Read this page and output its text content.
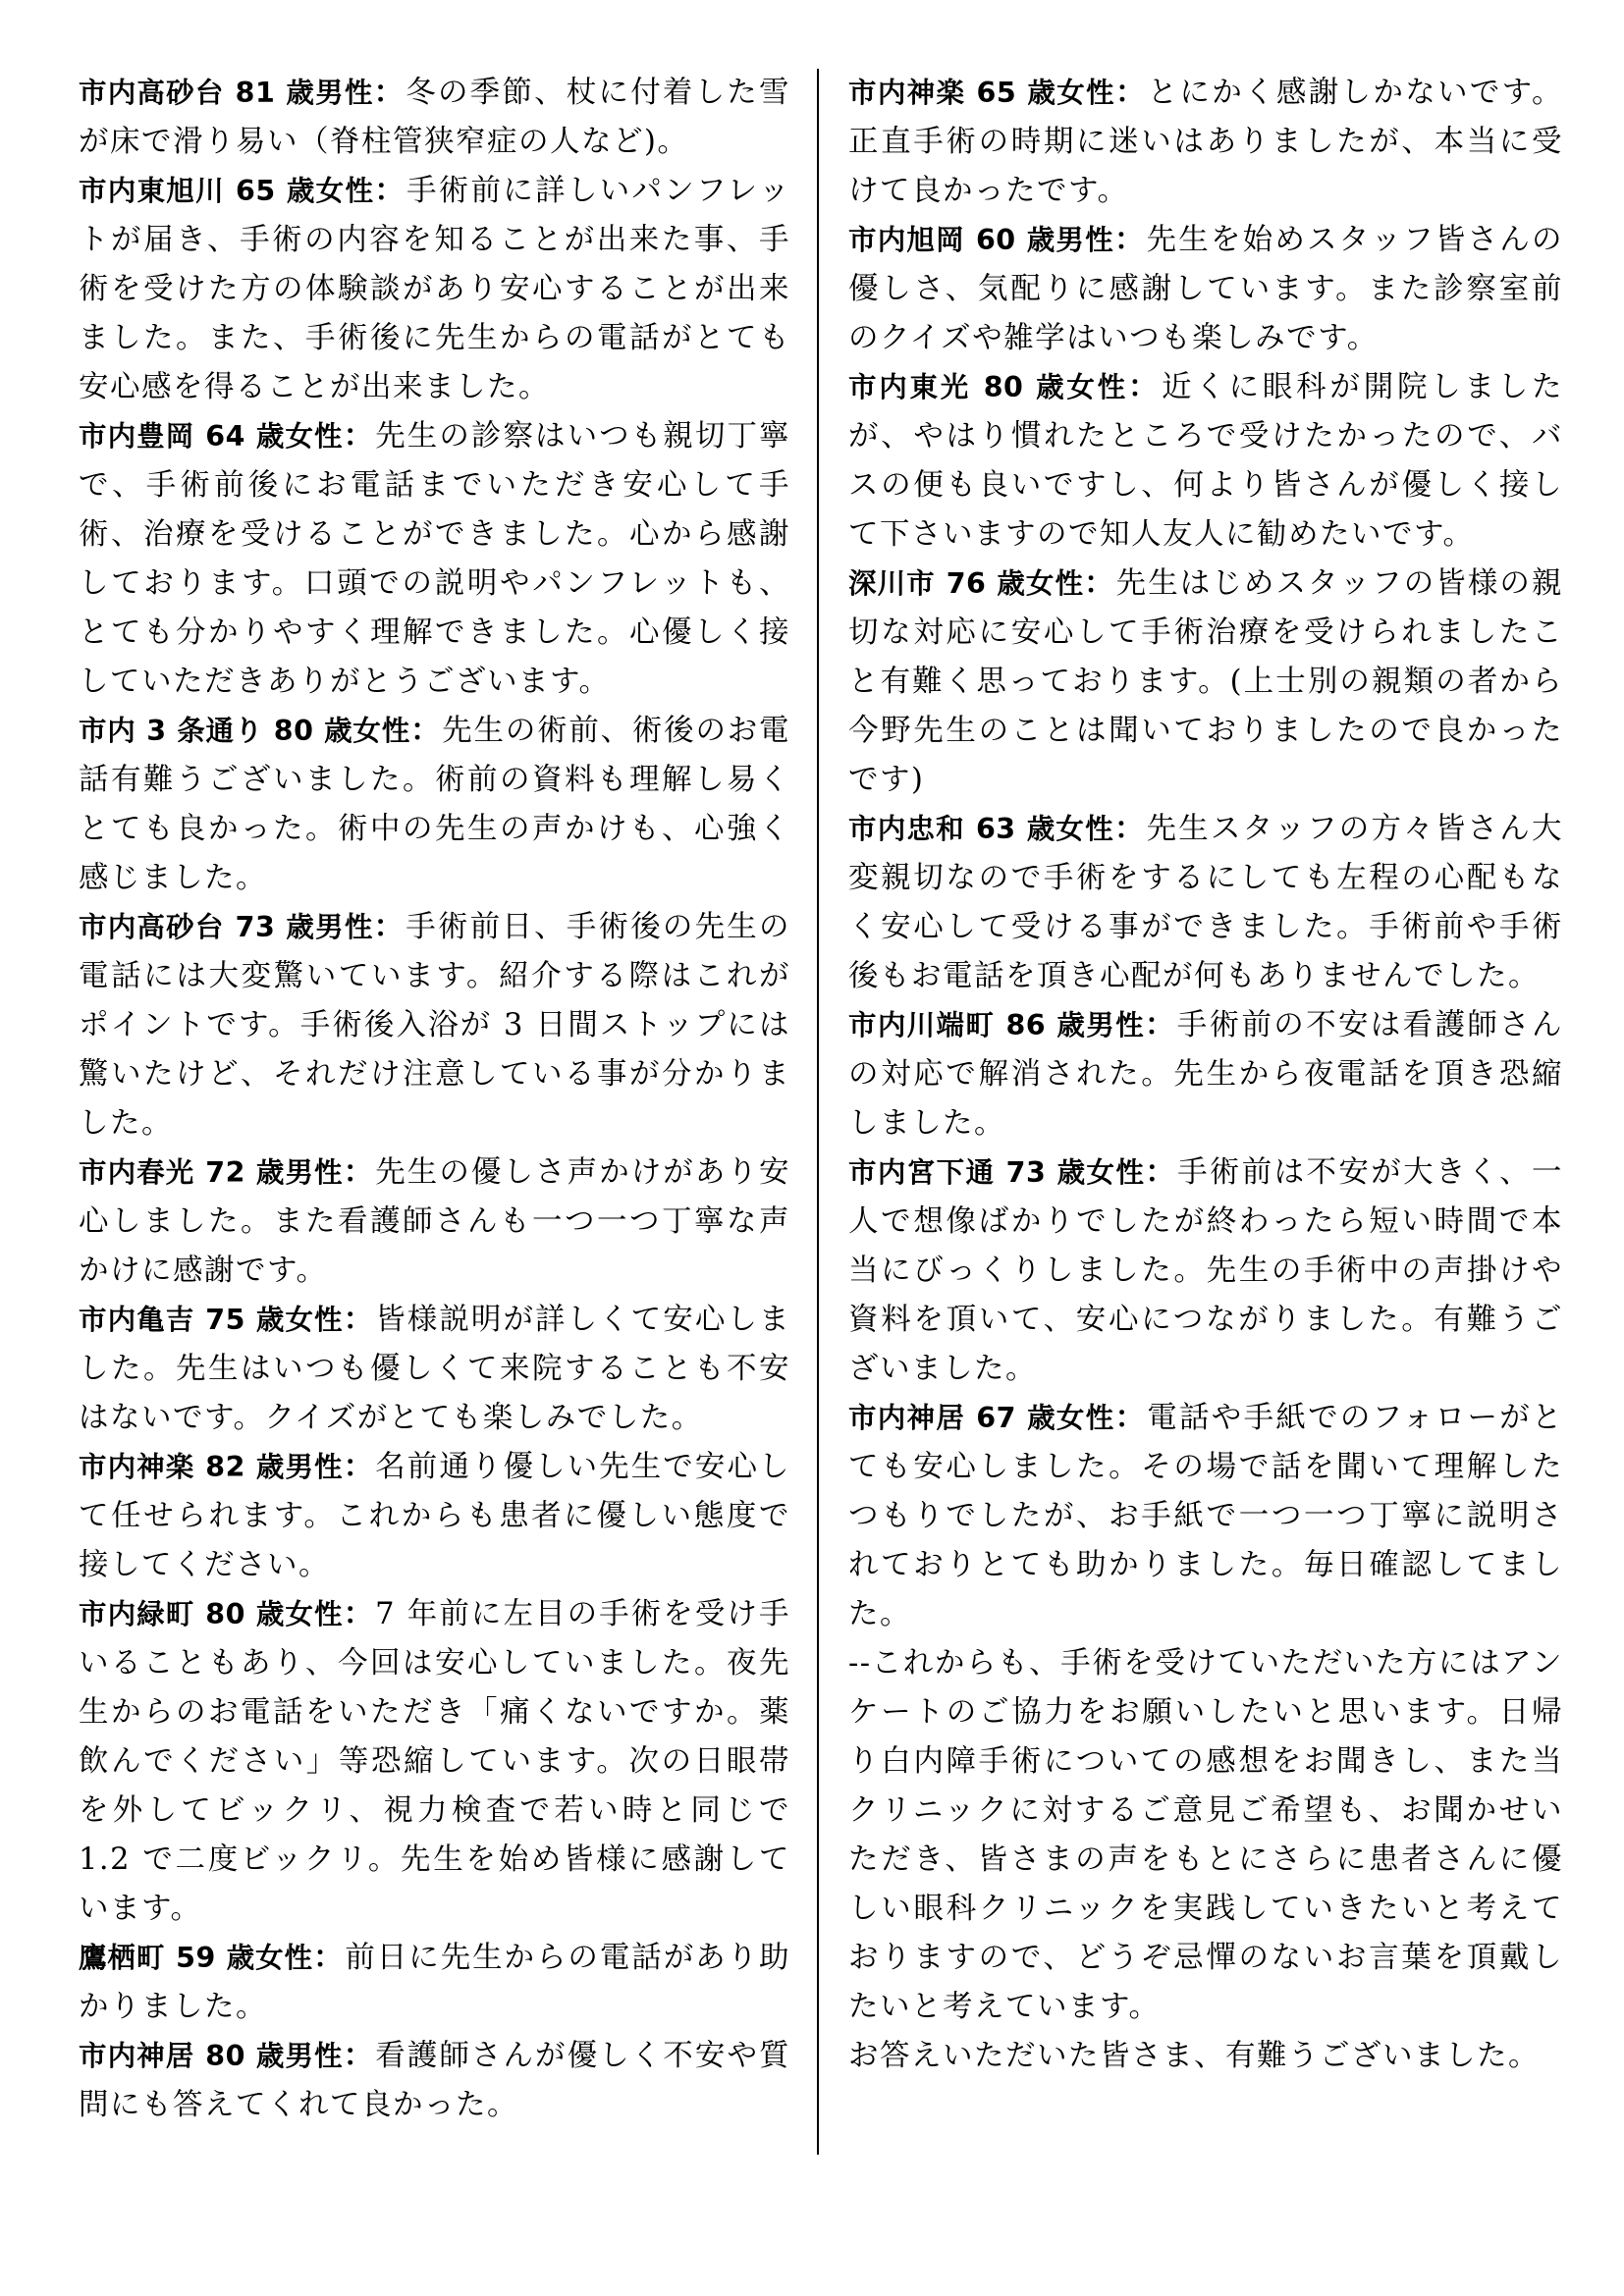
市内高砂台 81 歳男性：冬の季節、杖に付着した雪が床で滑り易い（脊柱管狭窄症の人など)。

市内東旭川 65 歳女性：手術前に詳しいパンフレットが届き、手術の内容を知ることが出来た事、手術を受けた方の体験談があり安心することが出来ました。また、手術後に先生からの電話がとても安心感を得ることが出来ました。

市内豊岡 64 歳女性：先生の診察はいつも親切丁寧で、手術前後にお電話までいただき安心して手術、治療を受けることができました。心から感謝しております。口頭での説明やパンフレットも、とても分かりやすく理解できました。心優しく接していただきありがとうございます。

市内 3 条通り 80 歳女性：先生の術前、術後のお電話有難うございました。術前の資料も理解し易くとても良かった。術中の先生の声かけも、心強く感じました。

市内高砂台 73 歳男性：手術前日、手術後の先生の電話には大変驚いています。紹介する際はこれがポイントです。手術後入浴が 3 日間ストップには驚いたけど、それだけ注意している事が分かりました。

市内春光 72 歳男性：先生の優しさ声かけがあり安心しました。また看護師さんも一つ一つ丁寧な声かけに感謝です。

市内亀吉 75 歳女性：皆様説明が詳しくて安心しました。先生はいつも優しくて来院することも不安はないです。クイズがとても楽しみでした。

市内神楽 82 歳男性：名前通り優しい先生で安心して任せられます。これからも患者に優しい態度で接してください。

市内緑町 80 歳女性：7 年前に左目の手術を受け手いることもあり、今回は安心していました。夜先生からのお電話をいただき「痛くないですか。薬飲んでください」等恐縮しています。次の日眼帯を外してビックリ、視力検査で若い時と同じで 1.2 で二度ビックリ。先生を始め皆様に感謝しています。

鷹栖町 59 歳女性：前日に先生からの電話があり助かりました。

市内神居 80 歳男性：看護師さんが優しく不安や質問にも答えてくれて良かった。

市内神楽 65 歳女性：とにかく感謝しかないです。正直手術の時期に迷いはありましたが、本当に受けて良かったです。

市内旭岡 60 歳男性：先生を始めスタッフ皆さんの優しさ、気配りに感謝しています。また診察室前のクイズや雑学はいつも楽しみです。

市内東光 80 歳女性：近くに眼科が開院しましたが、やはり慣れたところで受けたかったので、バスの便も良いですし、何より皆さんが優しく接して下さいますので知人友人に勧めたいです。

深川市 76 歳女性：先生はじめスタッフの皆様の親切な対応に安心して手術治療を受けられましたこと有難く思っております。(上士別の親類の者から今野先生のことは聞いておりましたので良かったです)

市内忠和 63 歳女性：先生スタッフの方々皆さん大変親切なので手術をするにしても左程の心配もなく安心して受ける事ができました。手術前や手術後もお電話を頂き心配が何もありませんでした。

市内川端町 86 歳男性：手術前の不安は看護師さんの対応で解消された。先生から夜電話を頂き恐縮しました。

市内宮下通 73 歳女性：手術前は不安が大きく、一人で想像ばかりでしたが終わったら短い時間で本当にびっくりしました。先生の手術中の声掛けや資料を頂いて、安心につながりました。有難うございました。

市内神居 67 歳女性：電話や手紙でのフォローがとても安心しました。その場で話を聞いて理解したつもりでしたが、お手紙で一つ一つ丁寧に説明されておりとても助かりました。毎日確認してました。

--これからも、手術を受けていただいた方にはアンケートのご協力をお願いしたいと思います。日帰り白内障手術についての感想をお聞きし、また当クリニックに対するご意見ご希望も、お聞かせいただき、皆さまの声をもとにさらに患者さんに優しい眼科クリニックを実践していきたいと考えておりますので、どうぞ忌憚のないお言葉を頂戴したいと考えています。

お答えいただいた皆さま、有難うございました。
